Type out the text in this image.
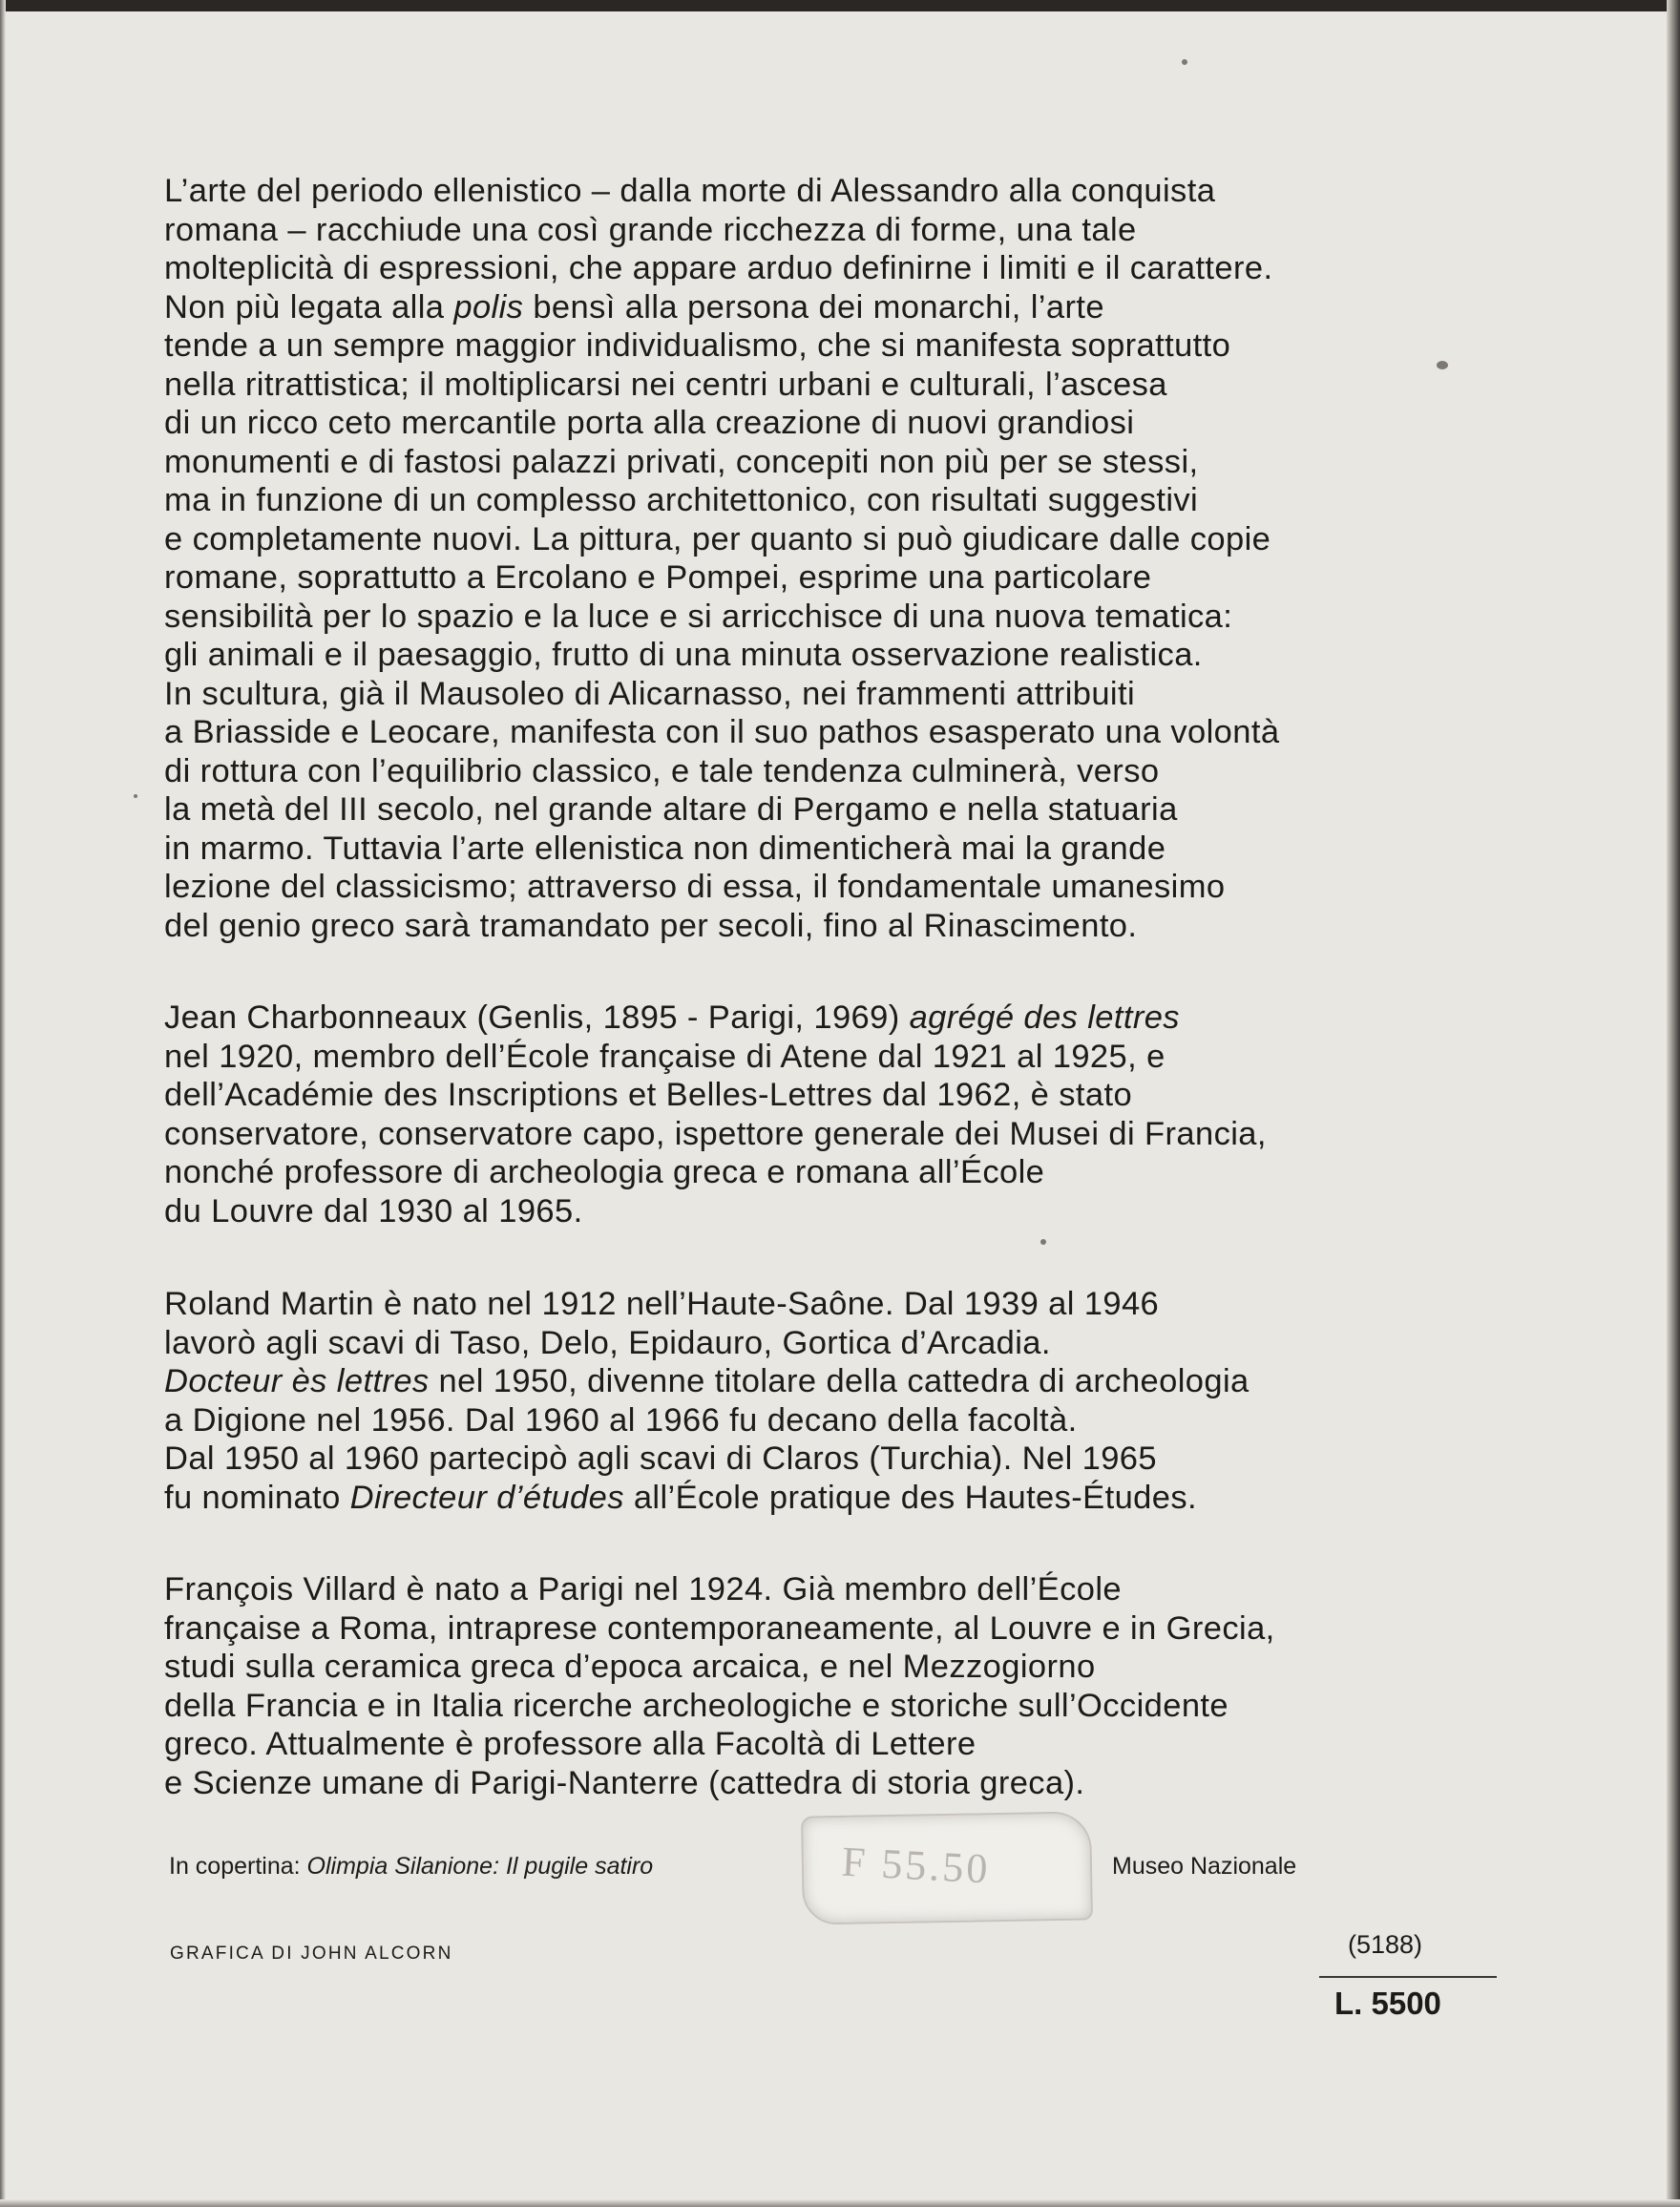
L’arte del periodo ellenistico – dalla morte di Alessandro alla conquista
romana – racchiude una così grande ricchezza di forme, una tale
molteplicità di espressioni, che appare arduo definirne i limiti e il carattere.
Non più legata alla polis bensì alla persona dei monarchi, l’arte
tende a un sempre maggior individualismo, che si manifesta soprattutto
nella ritrattistica; il moltiplicarsi nei centri urbani e culturali, l’ascesa
di un ricco ceto mercantile porta alla creazione di nuovi grandiosi
monumenti e di fastosi palazzi privati, concepiti non più per se stessi,
ma in funzione di un complesso architettonico, con risultati suggestivi
e completamente nuovi. La pittura, per quanto si può giudicare dalle copie
romane, soprattutto a Ercolano e Pompei, esprime una particolare
sensibilità per lo spazio e la luce e si arricchisce di una nuova tematica:
gli animali e il paesaggio, frutto di una minuta osservazione realistica.
In scultura, già il Mausoleo di Alicarnasso, nei frammenti attribuiti
a Briasside e Leocare, manifesta con il suo pathos esasperato una volontà
di rottura con l’equilibrio classico, e tale tendenza culminerà, verso
la metà del III secolo, nel grande altare di Pergamo e nella statuaria
in marmo. Tuttavia l’arte ellenistica non dimenticherà mai la grande
lezione del classicismo; attraverso di essa, il fondamentale umanesimo
del genio greco sarà tramandato per secoli, fino al Rinascimento.
Jean Charbonneaux (Genlis, 1895 - Parigi, 1969) agrégé des lettres
nel 1920, membro dell’École française di Atene dal 1921 al 1925, e
dell’Académie des Inscriptions et Belles-Lettres dal 1962, è stato
conservatore, conservatore capo, ispettore generale dei Musei di Francia,
nonché professore di archeologia greca e romana all’École
du Louvre dal 1930 al 1965.
Roland Martin è nato nel 1912 nell’Haute-Saône. Dal 1939 al 1946
lavorò agli scavi di Taso, Delo, Epidauro, Gortica d’Arcadia.
Docteur ès lettres nel 1950, divenne titolare della cattedra di archeologia
a Digione nel 1956. Dal 1960 al 1966 fu decano della facoltà.
Dal 1950 al 1960 partecipò agli scavi di Claros (Turchia). Nel 1965
fu nominato Directeur d’études all’École pratique des Hautes-Études.
François Villard è nato a Parigi nel 1924. Già membro dell’École
française a Roma, intraprese contemporaneamente, al Louvre e in Grecia,
studi sulla ceramica greca d’epoca arcaica, e nel Mezzogiorno
della Francia e in Italia ricerche archeologiche e storiche sull’Occidente
greco. Attualmente è professore alla Facoltà di Lettere
e Scienze umane di Parigi-Nanterre (cattedra di storia greca).

In copertina: Olimpia Silanione: Il pugile satiro	Museo Nazionale

F 55.50

GRAFICA DI JOHN ALCORN	(5188)

L. 5500
